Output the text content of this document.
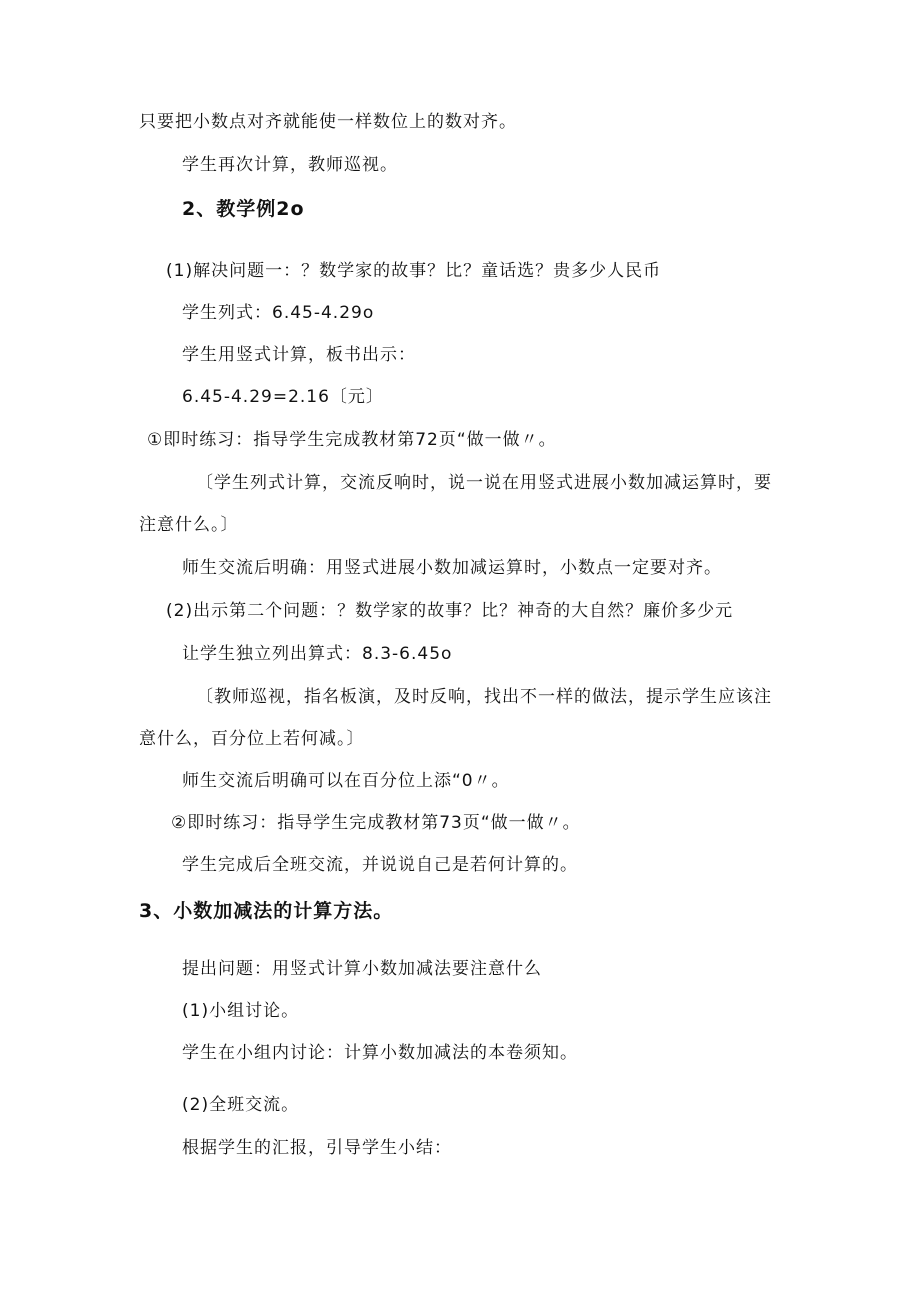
只要把小数点对齐就能使一样数位上的数对齐。
学生再次计算，教师巡视。
2、教学例2o
(1)解决问题一：？数学家的故事？比？童话选？贵多少人民币
学生列式：6.45-4.29o
学生用竖式计算，板书出示：
6.45-4.29=2.16〔元〕
①即时练习：指导学生完成教材第72页“做一做〃。
〔学生列式计算，交流反响时，说一说在用竖式进展小数加减运算时，要
注意什么。〕
师生交流后明确：用竖式进展小数加减运算时，小数点一定要对齐。
(2)出示第二个问题：？数学家的故事？比？神奇的大自然？廉价多少元
让学生独立列出算式：8.3-6.45o
〔教师巡视，指名板演，及时反响，找出不一样的做法，提示学生应该注
意什么，百分位上若何减。〕
师生交流后明确可以在百分位上添“0〃。
②即时练习：指导学生完成教材第73页“做一做〃。
学生完成后全班交流，并说说自己是若何计算的。
3、小数加减法的计算方法。
提出问题：用竖式计算小数加减法要注意什么
(1)小组讨论。
学生在小组内讨论：计算小数加减法的本卷须知。
(2)全班交流。
根据学生的汇报，引导学生小结：
